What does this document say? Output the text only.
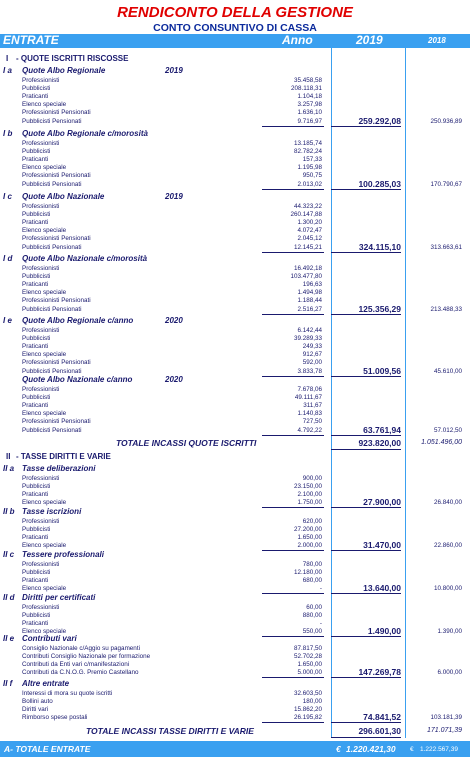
RENDICONTO DELLA GESTIONE
CONTO CONSUNTIVO DI CASSA
ENTRATE	Anno	2019	2018
I - QUOTE ISCRITTI RISCOSSE
II - TASSE DIRITTI E VARIE
I a Quote Albo Regionale	2019
Professionisti	35.458,58
Pubblicisti	208.118,31
Praticanti	1.104,18
Elenco speciale	3.257,98
Professionisti Pensionati	1.636,10
Pubblicisti Pensionati	9.716,97	259.292,08	250.936,89
I b Quote Albo Regionale c/morosità
Professionisti	13.185,74
Pubblicisti	82.782,24
Praticanti	157,33
Elenco speciale	1.195,98
Professionisti Pensionati	950,75
Pubblicisti Pensionati	2.013,02	100.285,03	170.790,67
I c Quote Albo Nazionale	2019
Professionisti	44.323,22
Pubblicisti	260.147,88
Praticanti	1.300,20
Elenco speciale	4.072,47
Professionisti Pensionati	2.045,12
Pubblicisti Pensionati	12.145,21	324.115,10	313.663,61
I d Quote Albo Nazionale c/morosità
Professionisti	16.492,18
Pubblicisti	103.477,80
Praticanti	196,63
Elenco speciale	1.494,98
Professionisti Pensionati	1.188,44
Pubblicisti Pensionati	2.516,27	125.356,29	213.488,33
I e Quote Albo Regionale c/anno	2020
Professionisti	6.142,44
Pubblicisti	39.289,33
Praticanti	249,33
Elenco speciale	912,67
Professionisti Pensionati	592,00
Pubblicisti Pensionati	3.833,78	51.009,56	45.610,00
Quote Albo Nazionale c/anno	2020
Professionisti	7.678,06
Pubblicisti	49.111,67
Praticanti	311,67
Elenco speciale	1.140,83
Professionisti Pensionati	727,50
Pubblicisti Pensionati	4.792,22	63.761,94	57.012,50
II a Tasse deliberazioni
Professionisti	900,00
Pubblicisti	23.150,00
Praticanti	2.100,00
Elenco speciale	1.750,00	27.900,00	26.840,00
II b Tasse iscrizioni
Professionisti	620,00
Pubblicisti	27.200,00
Praticanti	1.650,00
Elenco speciale	2.000,00	31.470,00	22.860,00
II c Tessere professionali
Professionisti	780,00
Pubblicisti	12.180,00
Praticanti	680,00
Elenco speciale	-	13.640,00	10.800,00
II d Diritti per certificati
Professionisti	60,00
Pubblicisti	880,00
Praticanti	-
Elenco speciale	550,00	1.490,00	1.390,00
II e Contributi vari
Consiglio Nazionale c/Aggio su pagamenti	87.817,50
Contributi Consiglio Nazionale per formazione	52.702,28
Contributi da Enti vari c/manifestazioni	1.650,00
Contributi da C.N.O.G. Premio Castellano	5.000,00	147.269,78	6.000,00
II f Altre entrate
Interessi di mora su quote iscritti	32.603,50
Bollini auto	180,00
Diritti vari	15.862,20
Rimborso spese postali	26.195,82	74.841,52	103.181,39
TOTALE INCASSI QUOTE ISCRITTI	923.820,00	1.051.496,00
TOTALE INCASSI TASSE DIRITTI E VARIE	296.601,30	171.071,39
A- TOTALE ENTRATE	€ 1.220.421,30 € 1.222.567,39
